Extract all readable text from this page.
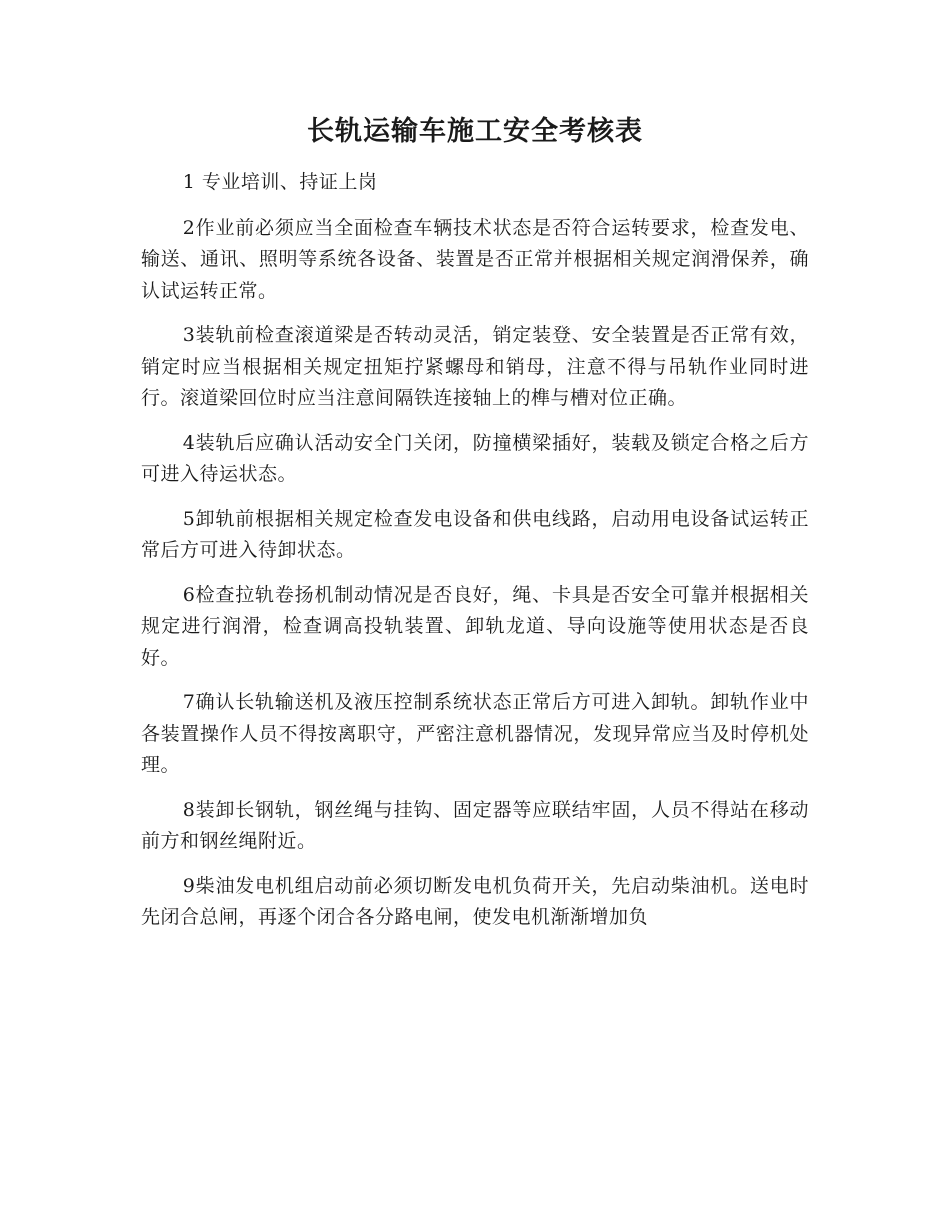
长轨运输车施工安全考核表

1 专业培训、持证上岗

2作业前必须应当全面检查车辆技术状态是否符合运转要求，检查发电、输送、通讯、照明等系统各设备、装置是否正常并根据相关规定润滑保养，确认试运转正常。

3装轨前检查滚道梁是否转动灵活，销定装登、安全装置是否正常有效，销定时应当根据相关规定扭矩拧紧螺母和销母，注意不得与吊轨作业同时进行。滚道梁回位时应当注意间隔铁连接轴上的榫与槽对位正确。

4装轨后应确认活动安全门关闭，防撞横梁插好，装载及锁定合格之后方可进入待运状态。

5卸轨前根据相关规定检查发电设备和供电线路，启动用电设备试运转正常后方可进入待卸状态。

6检查拉轨卷扬机制动情况是否良好，绳、卡具是否安全可靠并根据相关规定进行润滑，检查调高投轨装置、卸轨龙道、导向设施等使用状态是否良好。

7确认长轨输送机及液压控制系统状态正常后方可进入卸轨。卸轨作业中各装置操作人员不得按离职守，严密注意机器情况，发现异常应当及时停机处理。

8装卸长钢轨，钢丝绳与挂钩、固定器等应联结牢固，人员不得站在移动前方和钢丝绳附近。

9柴油发电机组启动前必须切断发电机负荷开关，先启动柴油机。送电时先闭合总闸，再逐个闭合各分路电闸，使发电机渐渐增加负
